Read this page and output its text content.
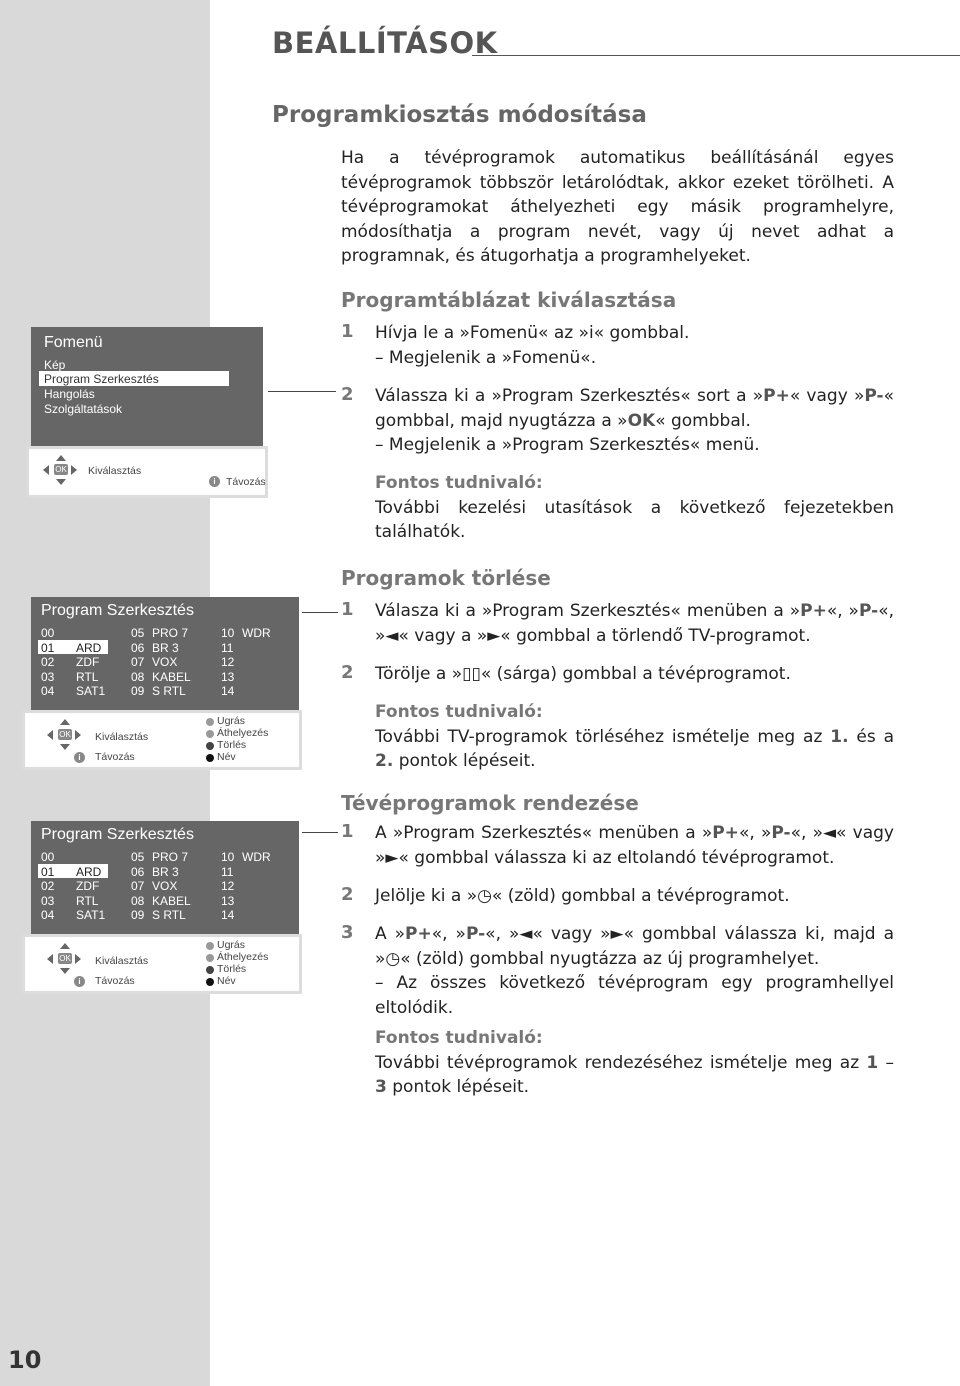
10
BEÁLLÍTÁSOK
Programkiosztás módosítása
Ha a tévéprogramok automatikus beállításánál egyes tévéprogramok többször letárolódtak, akkor ezeket törölheti. A tévéprogramokat áthelyezheti egy másik programhelyre, módosíthatja a program nevét, vagy új nevet adhat a programnak, és átugorhatja a programhelyeket.
Fomenü
Kép
Program Szerkesztés
Hangolás
Szolgáltatások
OK Kiválasztás
i Távozás
Program Szerkesztés
00
01 ARD
02 ZDF
03 RTL
04 SAT1
05 PRO 7
06 BR 3
07 VOX
08 KABEL
09 S RTL
10 WDR
11
12
13
14
OK Kiválasztás
i	Távozás
Ugrás
Áthelyezés
Törlés
Név
Program Szerkesztés
00
01 ARD
02 ZDF
03 RTL
04 SAT1
05 PRO 7
06 BR 3
07 VOX
08 KABEL
09 S RTL
10 WDR
11
12
13
14
OK Kiválasztás
i	Távozás
Ugrás
Áthelyezés
Törlés
Név
Programtáblázat kiválasztása
1 Hívja le a »Fomenü« az »i« gombbal.
– Megjelenik a »Fomenü«.
2 Válassza ki a »Program Szerkesztés« sort a »P+« vagy »P-« gombbal, majd nyugtázza a »OK« gombbal.
– Megjelenik a »Program Szerkesztés« menü.
Fontos tudnivaló:
További kezelési utasítások a következő fejezetekben találhatók.
Programok törlése
1 Válasza ki a »Program Szerkesztés« menüben a »P+«, »P-«, »◄« vagy a »►« gombbal a törlendő TV-programot.
2 Törölje a »▯▯« (sárga) gombbal a tévéprogramot.
Fontos tudnivaló:
További TV-programok törléséhez ismételje meg az 1. és a 2. pontok lépéseit.
Tévéprogramok rendezése
1 A »Program Szerkesztés« menüben a »P+«, »P-«, »◄« vagy »►« gombbal válassza ki az eltolandó tévéprogramot.
2 Jelölje ki a »◷« (zöld) gombbal a tévéprogramot.
3 A »P+«, »P-«, »◄« vagy »►« gombbal válassza ki, majd a »◷« (zöld) gombbal nyugtázza az új programhelyet.
– Az összes következő tévéprogram egy programhellyel eltolódik.
Fontos tudnivaló:
További tévéprogramok rendezéséhez ismételje meg az 1 – 3 pontok lépéseit.
